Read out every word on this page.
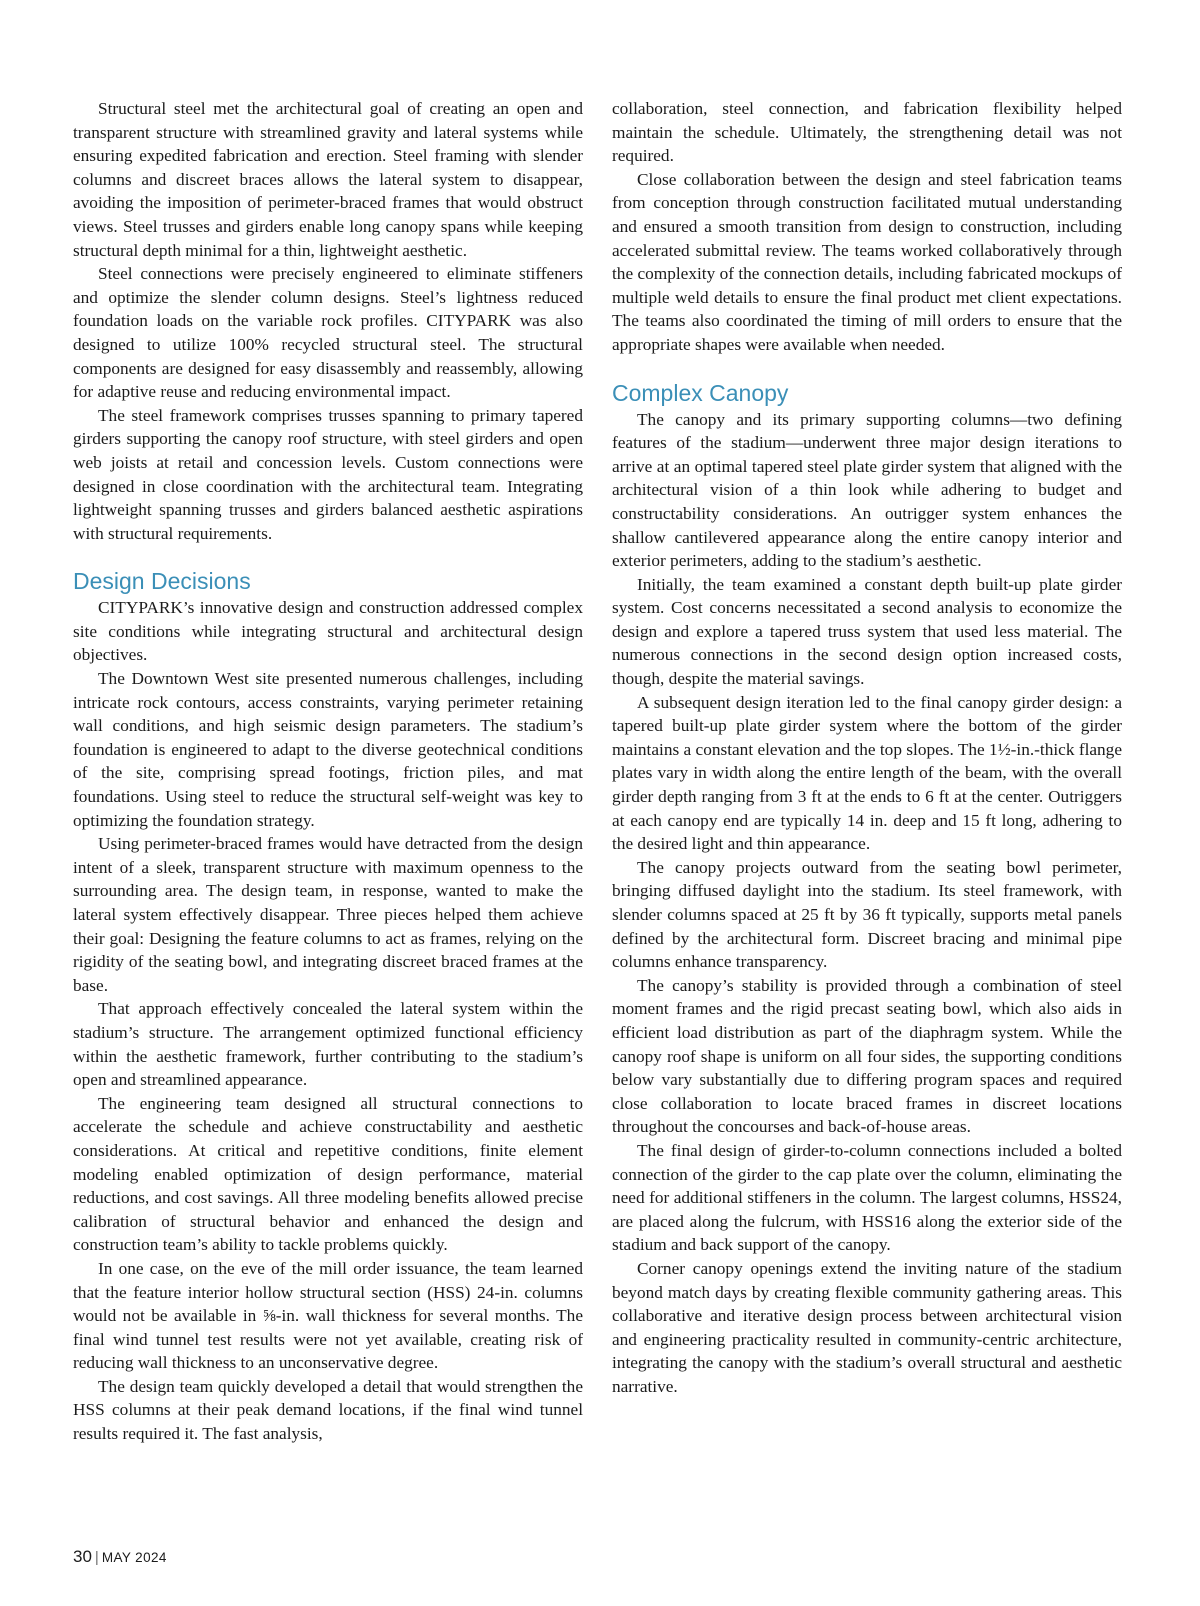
Structural steel met the architectural goal of creating an open and transparent structure with streamlined gravity and lateral systems while ensuring expedited fabrication and erection. Steel framing with slender columns and discreet braces allows the lateral system to disappear, avoiding the imposition of perimeter-braced frames that would obstruct views. Steel trusses and girders enable long canopy spans while keeping structural depth minimal for a thin, lightweight aesthetic.

Steel connections were precisely engineered to eliminate stiffeners and optimize the slender column designs. Steel’s lightness reduced foundation loads on the variable rock profiles. CITYPARK was also designed to utilize 100% recycled structural steel. The structural components are designed for easy disassembly and reassembly, allowing for adaptive reuse and reducing environmental impact.

The steel framework comprises trusses spanning to primary tapered girders supporting the canopy roof structure, with steel girders and open web joists at retail and concession levels. Custom connections were designed in close coordination with the architectural team. Integrating lightweight spanning trusses and girders balanced aesthetic aspirations with structural requirements.

Design Decisions

CITYPARK’s innovative design and construction addressed complex site conditions while integrating structural and architectural design objectives.

The Downtown West site presented numerous challenges, including intricate rock contours, access constraints, varying perimeter retaining wall conditions, and high seismic design parameters. The stadium’s foundation is engineered to adapt to the diverse geotechnical conditions of the site, comprising spread footings, friction piles, and mat foundations. Using steel to reduce the structural self-weight was key to optimizing the foundation strategy.

Using perimeter-braced frames would have detracted from the design intent of a sleek, transparent structure with maximum openness to the surrounding area. The design team, in response, wanted to make the lateral system effectively disappear. Three pieces helped them achieve their goal: Designing the feature columns to act as frames, relying on the rigidity of the seating bowl, and integrating discreet braced frames at the base.

That approach effectively concealed the lateral system within the stadium’s structure. The arrangement optimized functional efficiency within the aesthetic framework, further contributing to the stadium’s open and streamlined appearance.

The engineering team designed all structural connections to accelerate the schedule and achieve constructability and aesthetic considerations. At critical and repetitive conditions, finite element modeling enabled optimization of design performance, material reductions, and cost savings. All three modeling benefits allowed precise calibration of structural behavior and enhanced the design and construction team’s ability to tackle problems quickly.

In one case, on the eve of the mill order issuance, the team learned that the feature interior hollow structural section (HSS) 24-in. columns would not be available in ⅝-in. wall thickness for several months. The final wind tunnel test results were not yet available, creating risk of reducing wall thickness to an unconservative degree.

The design team quickly developed a detail that would strengthen the HSS columns at their peak demand locations, if the final wind tunnel results required it. The fast analysis,

collaboration, steel connection, and fabrication flexibility helped maintain the schedule. Ultimately, the strengthening detail was not required.

Close collaboration between the design and steel fabrication teams from conception through construction facilitated mutual understanding and ensured a smooth transition from design to construction, including accelerated submittal review. The teams worked collaboratively through the complexity of the connection details, including fabricated mockups of multiple weld details to ensure the final product met client expectations. The teams also coordinated the timing of mill orders to ensure that the appropriate shapes were available when needed.

Complex Canopy

The canopy and its primary supporting columns—two defining features of the stadium—underwent three major design iterations to arrive at an optimal tapered steel plate girder system that aligned with the architectural vision of a thin look while adhering to budget and constructability considerations. An outrigger system enhances the shallow cantilevered appearance along the entire canopy interior and exterior perimeters, adding to the stadium’s aesthetic.

Initially, the team examined a constant depth built-up plate girder system. Cost concerns necessitated a second analysis to economize the design and explore a tapered truss system that used less material. The numerous connections in the second design option increased costs, though, despite the material savings.

A subsequent design iteration led to the final canopy girder design: a tapered built-up plate girder system where the bottom of the girder maintains a constant elevation and the top slopes. The 1½-in.-thick flange plates vary in width along the entire length of the beam, with the overall girder depth ranging from 3 ft at the ends to 6 ft at the center. Outriggers at each canopy end are typically 14 in. deep and 15 ft long, adhering to the desired light and thin appearance.

The canopy projects outward from the seating bowl perimeter, bringing diffused daylight into the stadium. Its steel framework, with slender columns spaced at 25 ft by 36 ft typically, supports metal panels defined by the architectural form. Discreet bracing and minimal pipe columns enhance transparency.

The canopy’s stability is provided through a combination of steel moment frames and the rigid precast seating bowl, which also aids in efficient load distribution as part of the diaphragm system. While the canopy roof shape is uniform on all four sides, the supporting conditions below vary substantially due to differing program spaces and required close collaboration to locate braced frames in discreet locations throughout the concourses and back-of-house areas.

The final design of girder-to-column connections included a bolted connection of the girder to the cap plate over the column, eliminating the need for additional stiffeners in the column. The largest columns, HSS24, are placed along the fulcrum, with HSS16 along the exterior side of the stadium and back support of the canopy.

Corner canopy openings extend the inviting nature of the stadium beyond match days by creating flexible community gathering areas. This collaborative and iterative design process between architectural vision and engineering practicality resulted in community-centric architecture, integrating the canopy with the stadium’s overall structural and aesthetic narrative.

30 | MAY 2024
